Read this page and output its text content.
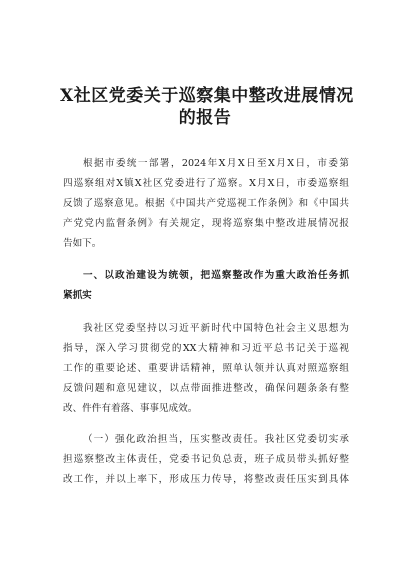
X社区党委关于巡察集中整改进展情况
的报告
根据市委统一部署，2024年X月X日至X月X日，市委第
四巡察组对X镇X社区党委进行了巡察。X月X日，市委巡察组
反馈了巡察意见。根据《中国共产党巡视工作条例》和《中国共
产党党内监督条例》有关规定，现将巡察集中整改进展情况报
告如下。
一、以政治建设为统领，把巡察整改作为重大政治任务抓
紧抓实
我社区党委坚持以习近平新时代中国特色社会主义思想为
指导，深入学习贯彻党的XX大精神和习近平总书记关于巡视
工作的重要论述、重要讲话精神，照单认领并认真对照巡察组
反馈问题和意见建议，以点带面推进整改，确保问题条条有整
改、件件有着落、事事见成效。
（一）强化政治担当，压实整改责任。我社区党委切实承
担巡察整改主体责任，党委书记负总责，班子成员带头抓好整
改工作，并以上率下，形成压力传导，将整改责任压实到具体
